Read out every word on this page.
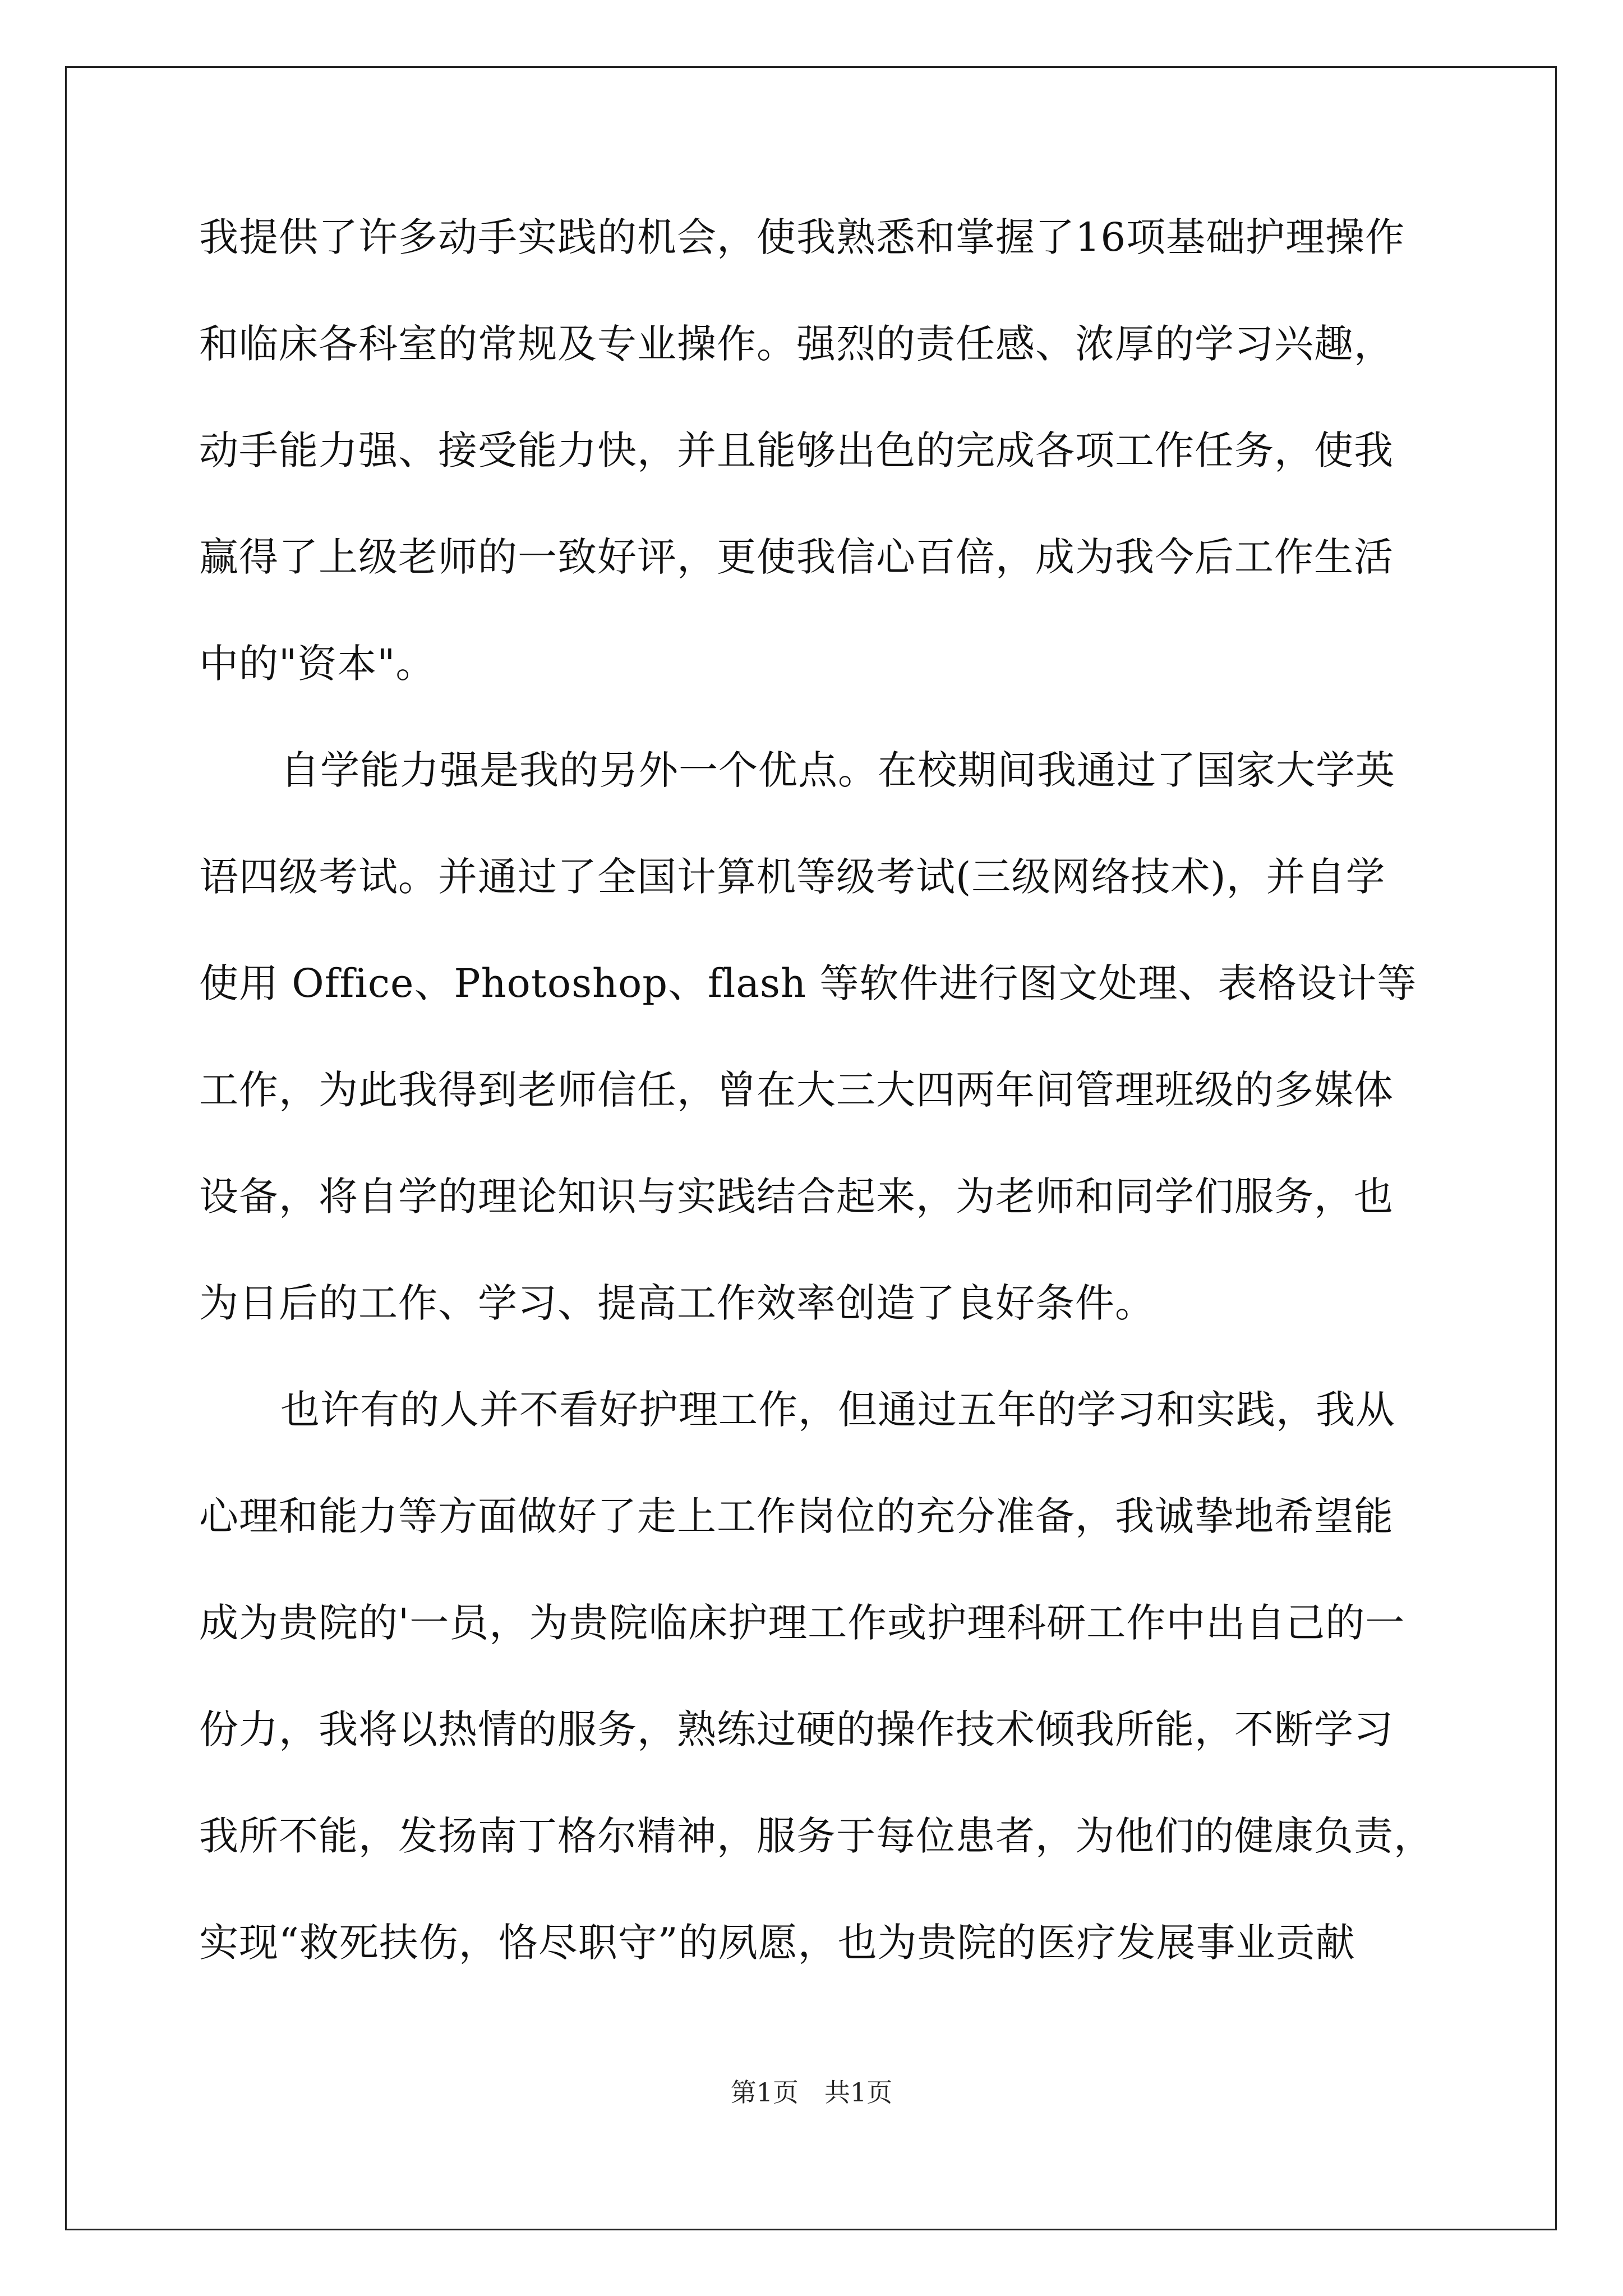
我提供了许多动手实践的机会，使我熟悉和掌握了16项基础护理操作
和临床各科室的常规及专业操作。强烈的责任感、浓厚的学习兴趣，
动手能力强、接受能力快，并且能够出色的完成各项工作任务，使我
赢得了上级老师的一致好评，更使我信心百倍，成为我今后工作生活
中的"资本"。
自学能力强是我的另外一个优点。在校期间我通过了国家大学英
语四级考试。并通过了全国计算机等级考试(三级网络技术)，并自学
使用 Office、Photoshop、flash 等软件进行图文处理、表格设计等
工作，为此我得到老师信任，曾在大三大四两年间管理班级的多媒体
设备，将自学的理论知识与实践结合起来，为老师和同学们服务，也
为日后的工作、学习、提高工作效率创造了良好条件。
也许有的人并不看好护理工作，但通过五年的学习和实践，我从
心理和能力等方面做好了走上工作岗位的充分准备，我诚挚地希望能
成为贵院的'一员，为贵院临床护理工作或护理科研工作中出自己的一
份力，我将以热情的服务，熟练过硬的操作技术倾我所能，不断学习
我所不能，发扬南丁格尔精神，服务于每位患者，为他们的健康负责，
实现“救死扶伤，恪尽职守”的夙愿，也为贵院的医疗发展事业贡献
第1页　共1页
